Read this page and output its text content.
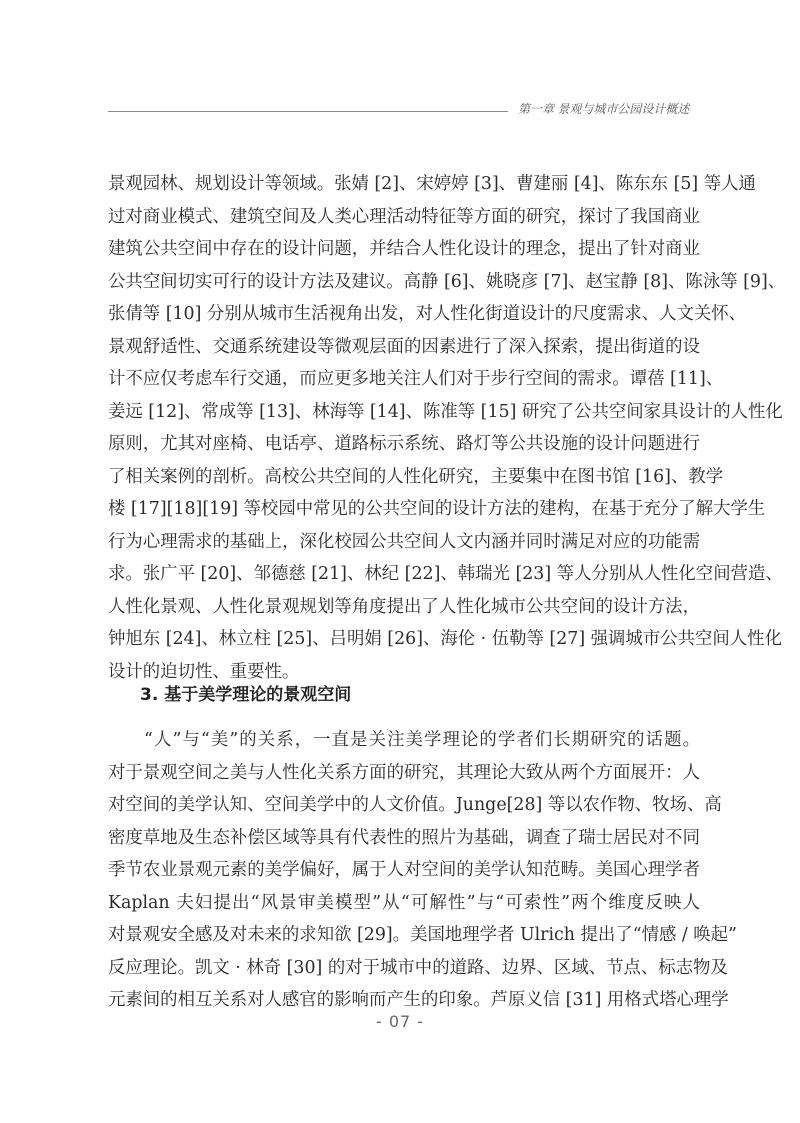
第一章 景观与城市公园设计概述
景观园林、规划设计等领域。张婧 [2]、宋婷婷 [3]、曹建丽 [4]、陈东东 [5] 等人通
过对商业模式、建筑空间及人类心理活动特征等方面的研究，探讨了我国商业
建筑公共空间中存在的设计问题，并结合人性化设计的理念，提出了针对商业
公共空间切实可行的设计方法及建议。高静 [6]、姚晓彦 [7]、赵宝静 [8]、陈泳等 [9]、
张倩等 [10] 分别从城市生活视角出发，对人性化街道设计的尺度需求、人文关怀、
景观舒适性、交通系统建设等微观层面的因素进行了深入探索，提出街道的设
计不应仅考虑车行交通，而应更多地关注人们对于步行空间的需求。谭蓓 [11]、
姜远 [12]、常成等 [13]、林海等 [14]、陈准等 [15] 研究了公共空间家具设计的人性化
原则，尤其对座椅、电话亭、道路标示系统、路灯等公共设施的设计问题进行
了相关案例的剖析。高校公共空间的人性化研究，主要集中在图书馆 [16]、教学
楼 [17][18][19] 等校园中常见的公共空间的设计方法的建构，在基于充分了解大学生
行为心理需求的基础上，深化校园公共空间人文内涵并同时满足对应的功能需
求。张广平 [20]、邹德慈 [21]、林纪 [22]、韩瑞光 [23] 等人分别从人性化空间营造、
人性化景观、人性化景观规划等角度提出了人性化城市公共空间的设计方法，
钟旭东 [24]、林立柱 [25]、吕明娟 [26]、海伦 · 伍勒等 [27] 强调城市公共空间人性化
设计的迫切性、重要性。
3. 基于美学理论的景观空间
“人”与“美”的关系，一直是关注美学理论的学者们长期研究的话题。
对于景观空间之美与人性化关系方面的研究，其理论大致从两个方面展开：人
对空间的美学认知、空间美学中的人文价值。Junge[28] 等以农作物、牧场、高
密度草地及生态补偿区域等具有代表性的照片为基础，调查了瑞士居民对不同
季节农业景观元素的美学偏好，属于人对空间的美学认知范畴。美国心理学者
Kaplan 夫妇提出“风景审美模型”从“可解性”与“可索性”两个维度反映人
对景观安全感及对未来的求知欲 [29]。美国地理学者 Ulrich 提出了“情感 / 唤起”
反应理论。凯文 · 林奇 [30] 的对于城市中的道路、边界、区域、节点、标志物及
元素间的相互关系对人感官的影响而产生的印象。芦原义信 [31] 用格式塔心理学
- 07 -
